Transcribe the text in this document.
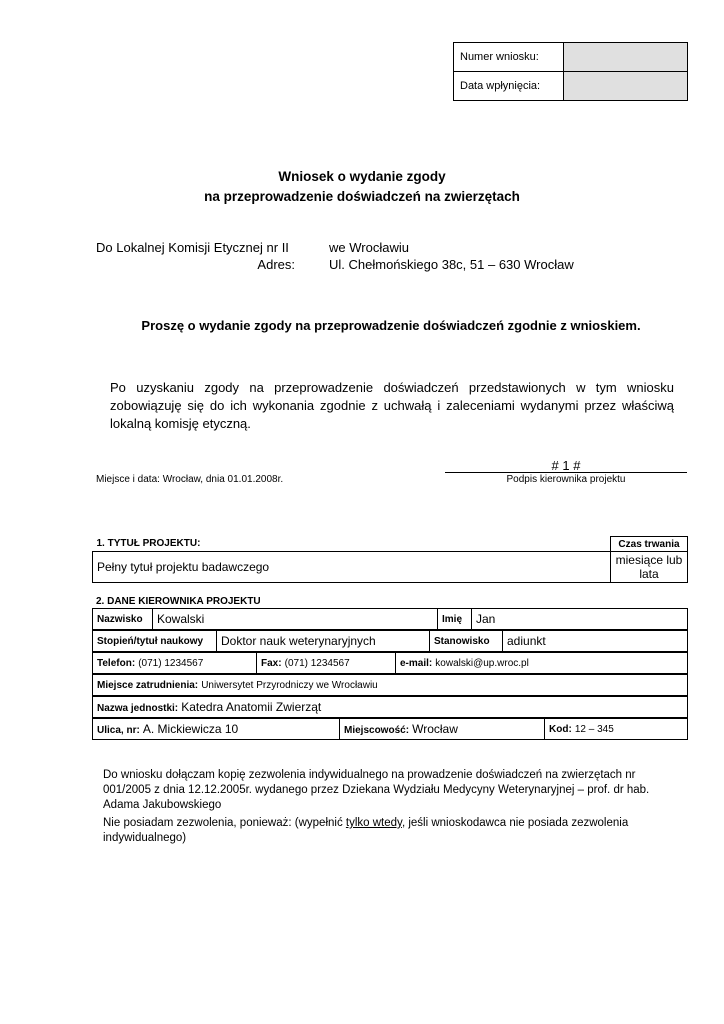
Numer wniosku:	
Data wpłynięcia:	
Wniosek o wydanie zgody
na przeprowadzenie doświadczeń na zwierzętach
Do Lokalnej Komisji Etycznej nr II	we Wrocławiu
Adres:	Ul. Chełmońskiego 38c, 51 – 630 Wrocław
Proszę o wydanie zgody na przeprowadzenie doświadczeń zgodnie z wnioskiem.
Po uzyskaniu zgody na przeprowadzenie doświadczeń przedstawionych w tym wniosku zobowiązuję się do ich wykonania zgodnie z uchwałą i zaleceniami wydanymi przez właściwą lokalną komisję etyczną.
Miejsce i data: Wrocław, dnia 01.01.2008r.
# 1 #
Podpis kierownika projektu
1. TYTUŁ PROJEKTU:	Czas trwania
Pełny tytuł projektu badawczego	miesiące lub lata
2. DANE KIEROWNIKA PROJEKTU
Nazwisko	Kowalski	Imię	Jan
Stopień/tytuł naukowy	Doktor nauk weterynaryjnych	Stanowisko	adiunkt
Telefon: (071) 1234567	Fax: (071) 1234567	e-mail: kowalski@up.wroc.pl
Miejsce zatrudnienia: Uniwersytet Przyrodniczy we Wrocławiu
Nazwa jednostki: Katedra Anatomii Zwierząt
Ulica, nr: A. Mickiewicza 10	Miejscowość: Wrocław	Kod: 12 – 345
Do wniosku dołączam kopię zezwolenia indywidualnego na prowadzenie doświadczeń na zwierzętach nr 001/2005 z dnia 12.12.2005r. wydanego przez Dziekana Wydziału Medycyny Weterynaryjnej – prof. dr hab. Adama Jakubowskiego
Nie posiadam zezwolenia, ponieważ: (wypełnić tylko wtedy, jeśli wnioskodawca nie posiada zezwolenia indywidualnego)
